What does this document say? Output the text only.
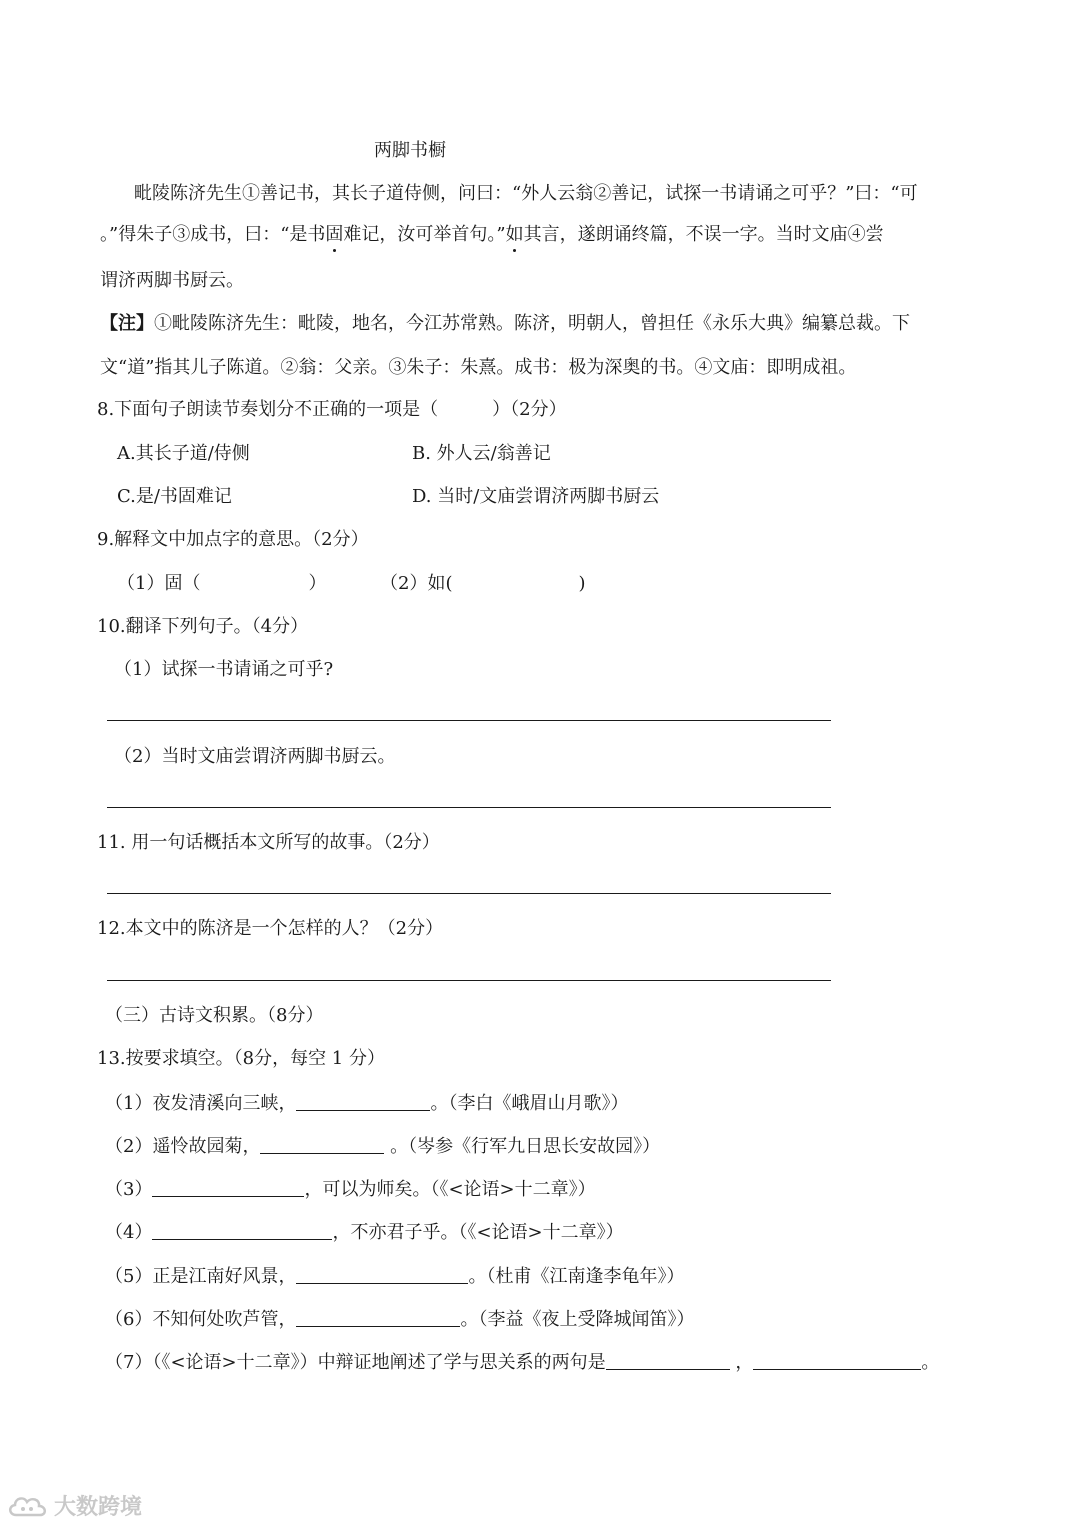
两脚书橱
毗陵陈济先生①善记书，其长子道侍侧，问曰：“外人云翁②善记，试探一书请诵之可乎？”曰：“可
。”得朱子③成书，曰：“是书固难记，汝可举首句。”如其言，遂朗诵终篇，不误一字。当时文庙④尝
谓济两脚书厨云。
【注】①毗陵陈济先生：毗陵，地名，今江苏常熟。陈济，明朝人，曾担任《永乐大典》编纂总裁。下
文“道”指其儿子陈道。②翁：父亲。③朱子：朱熹。成书：极为深奥的书。④文庙：即明成祖。
8.下面句子朗读节奏划分不正确的一项是（　　　）（2分）
A.其长子道/侍侧	B. 外人云/翁善记
C.是/书固难记	D. 当时/文庙尝谓济两脚书厨云
9.解释文中加点字的意思。（2分）
（1）固（　　　　　　）	（2）如(　　　　　　　)
10.翻译下列句子。（4分）
（1）试探一书请诵之可乎?
（2）当时文庙尝谓济两脚书厨云。
11. 用一句话概括本文所写的故事。（2分）
12.本文中的陈济是一个怎样的人？（2分）
（三）古诗文积累。（8分）
13.按要求填空。（8分，每空 1 分）
（1）夜发清溪向三峡，	。（李白《峨眉山月歌》）
（2）遥怜故园菊，	。（岑参《行军九日思长安故园》）
（3）	，可以为师矣。（《<论语>十二章》）
（4）	，不亦君子乎。（《<论语>十二章》）
（5）正是江南好风景，	。（杜甫《江南逢李龟年》）
（6）不知何处吹芦管，	。（李益《夜上受降城闻笛》）
（7）（《<论语>十二章》）中辩证地阐述了学与思关系的两句是	，	。
大数跨境
